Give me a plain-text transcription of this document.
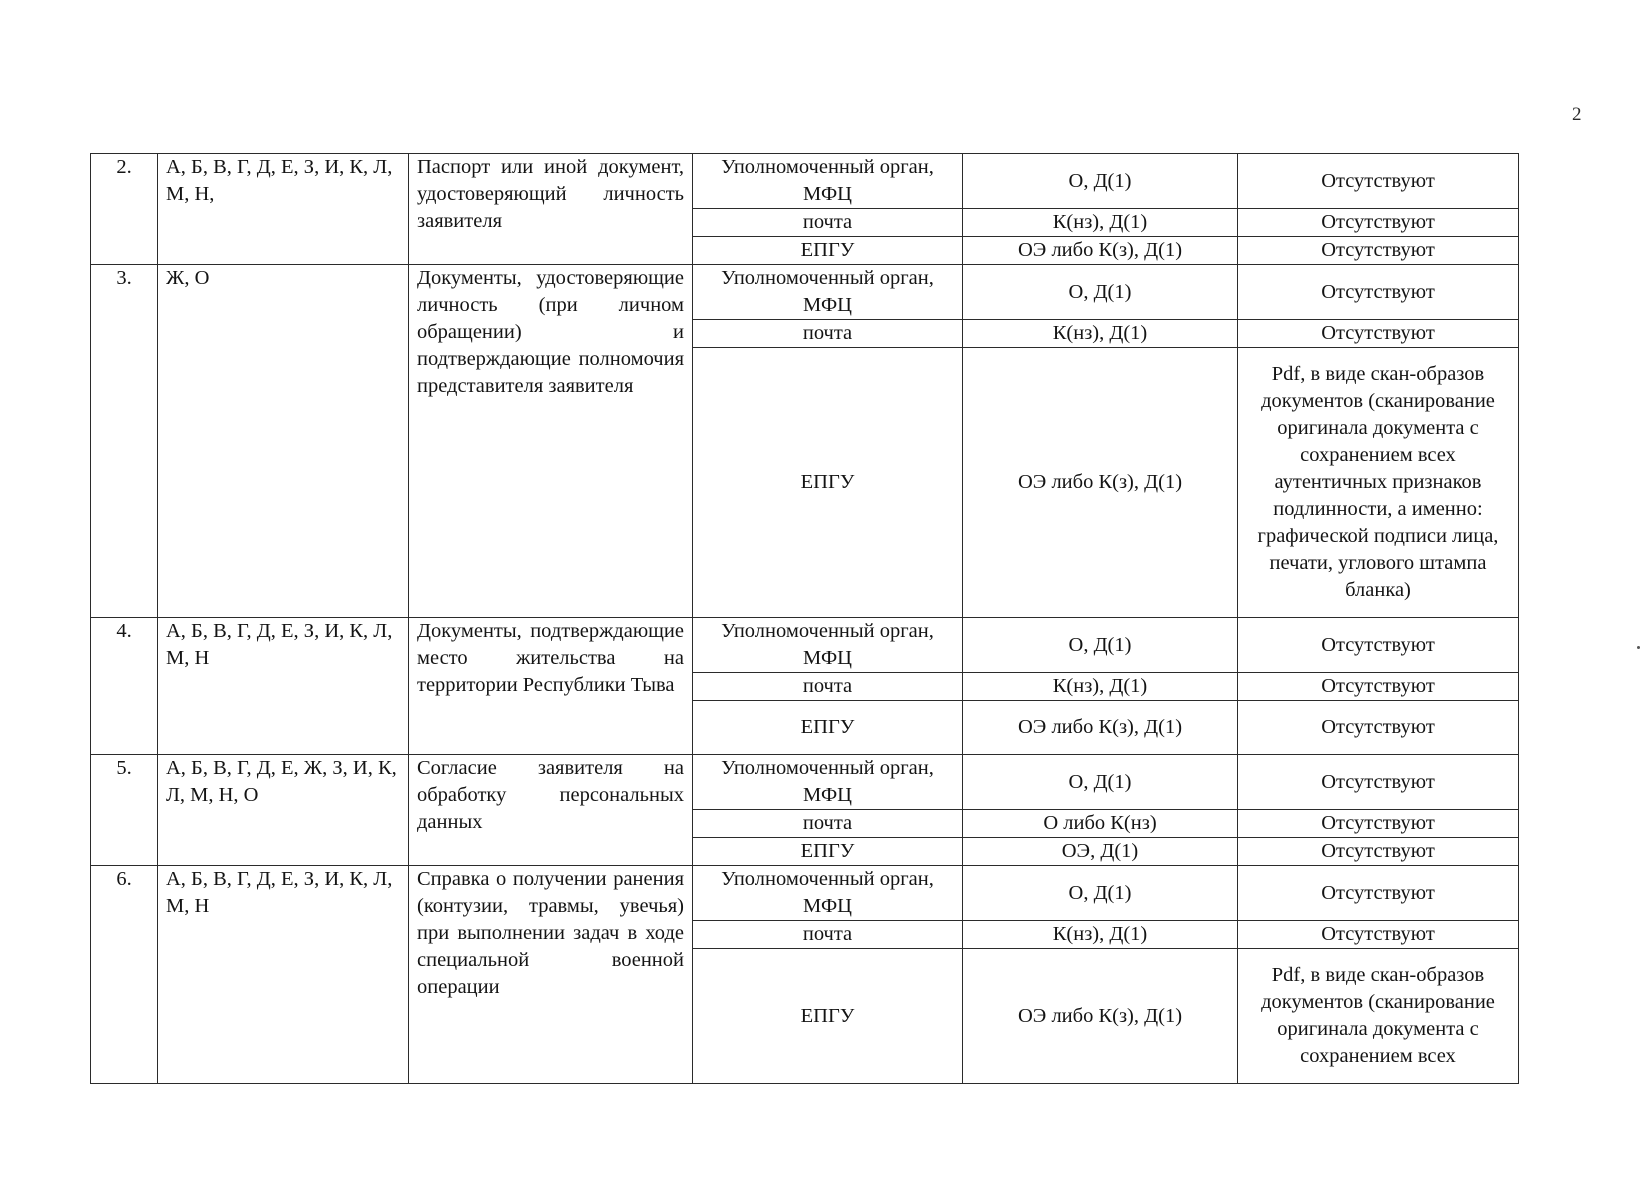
2
2.	А, Б, В, Г, Д, Е, З, И, К, Л, М, Н,	Паспорт или иной документ, удостоверяющий личность заявителя	Уполномоченный орган, МФЦ	О, Д(1)	Отсутствуют
			почта	К(нз), Д(1)	Отсутствуют
			ЕПГУ	ОЭ либо К(з), Д(1)	Отсутствуют
3.	Ж, О	Документы, удостоверяющие личность (при личном обращении) и подтверждающие полномочия представителя заявителя	Уполномоченный орган, МФЦ	О, Д(1)	Отсутствуют
			почта	К(нз), Д(1)	Отсутствуют
			ЕПГУ	ОЭ либо К(з), Д(1)	Pdf, в виде скан-образов документов (сканирование оригинала документа с сохранением всех аутентичных признаков подлинности, а именно: графической подписи лица, печати, углового штампа бланка)
4.	А, Б, В, Г, Д, Е, З, И, К, Л, М, Н	Документы, подтверждающие место жительства на территории Республики Тыва	Уполномоченный орган, МФЦ	О, Д(1)	Отсутствуют
			почта	К(нз), Д(1)	Отсутствуют
			ЕПГУ	ОЭ либо К(з), Д(1)	Отсутствуют
5.	А, Б, В, Г, Д, Е, Ж, З, И, К, Л, М, Н, О	Согласие заявителя на обработку персональных данных	Уполномоченный орган, МФЦ	О, Д(1)	Отсутствуют
			почта	О либо К(нз)	Отсутствуют
			ЕПГУ	ОЭ, Д(1)	Отсутствуют
6.	А, Б, В, Г, Д, Е, З, И, К, Л, М, Н	Справка о получении ранения (контузии, травмы, увечья) при выполнении задач в ходе специальной военной операции	Уполномоченный орган, МФЦ	О, Д(1)	Отсутствуют
			почта	К(нз), Д(1)	Отсутствуют
			ЕПГУ	ОЭ либо К(з), Д(1)	Pdf, в виде скан-образов документов (сканирование оригинала документа с сохранением всех
